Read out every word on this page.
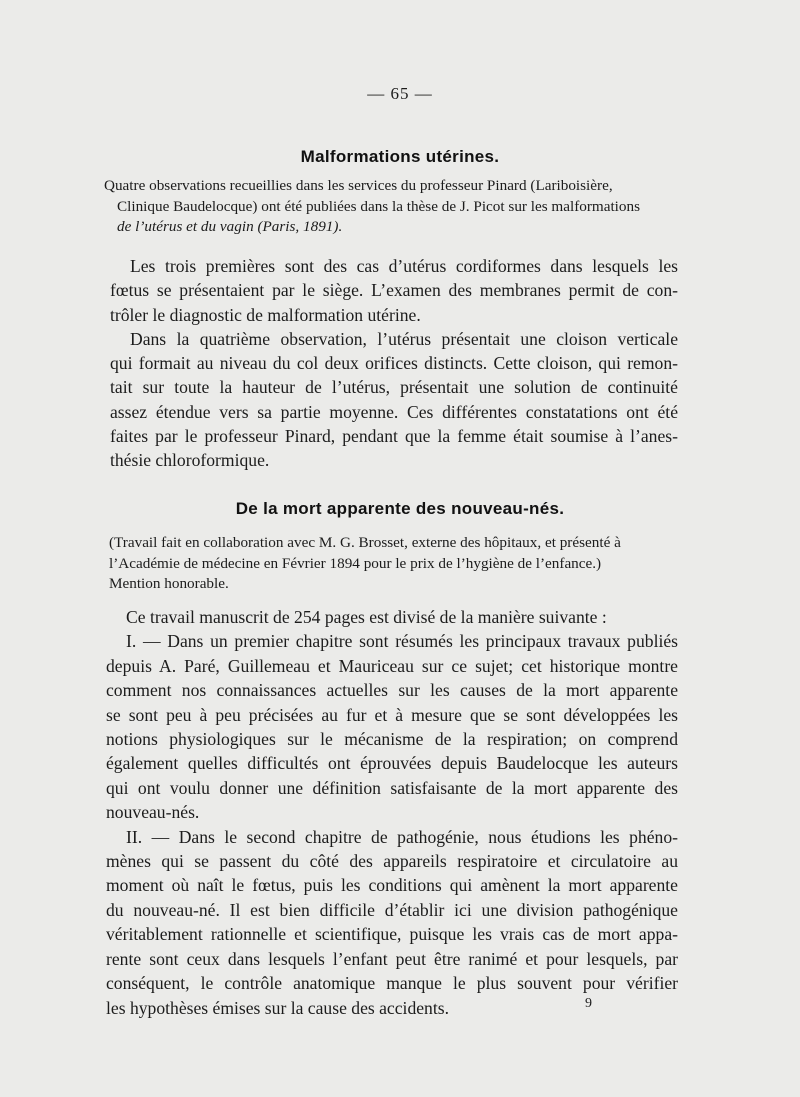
— 65 —
Malformations utérines.
Quatre observations recueillies dans les services du professeur Pinard (Lariboisière,
Clinique Baudelocque) ont été publiées dans la thèse de J. Picot sur les malformations
de l’utérus et du vagin (Paris, 1891).
Les trois premières sont des cas d’utérus cordiformes dans lesquels les
fœtus se présentaient par le siège. L’examen des membranes permit de con-
trôler le diagnostic de malformation utérine.
Dans la quatrième observation, l’utérus présentait une cloison verticale
qui formait au niveau du col deux orifices distincts. Cette cloison, qui remon-
tait sur toute la hauteur de l’utérus, présentait une solution de continuité
assez étendue vers sa partie moyenne. Ces différentes constatations ont été
faites par le professeur Pinard, pendant que la femme était soumise à l’anes-
thésie chloroformique.
De la mort apparente des nouveau-nés.
(Travail fait en collaboration avec M. G. Brosset, externe des hôpitaux, et présenté à
l’Académie de médecine en Février 1894 pour le prix de l’hygiène de l’enfance.)
Mention honorable.
Ce travail manuscrit de 254 pages est divisé de la manière suivante :
I. — Dans un premier chapitre sont résumés les principaux travaux publiés
depuis A. Paré, Guillemeau et Mauriceau sur ce sujet; cet historique montre
comment nos connaissances actuelles sur les causes de la mort apparente
se sont peu à peu précisées au fur et à mesure que se sont développées les
notions physiologiques sur le mécanisme de la respiration; on comprend
également quelles difficultés ont éprouvées depuis Baudelocque les auteurs
qui ont voulu donner une définition satisfaisante de la mort apparente des
nouveau-nés.
II. — Dans le second chapitre de pathogénie, nous étudions les phéno-
mènes qui se passent du côté des appareils respiratoire et circulatoire au
moment où naît le fœtus, puis les conditions qui amènent la mort apparente
du nouveau-né. Il est bien difficile d’établir ici une division pathogénique
véritablement rationnelle et scientifique, puisque les vrais cas de mort appa-
rente sont ceux dans lesquels l’enfant peut être ranimé et pour lesquels, par
conséquent, le contrôle anatomique manque le plus souvent pour vérifier
les hypothèses émises sur la cause des accidents.	9
